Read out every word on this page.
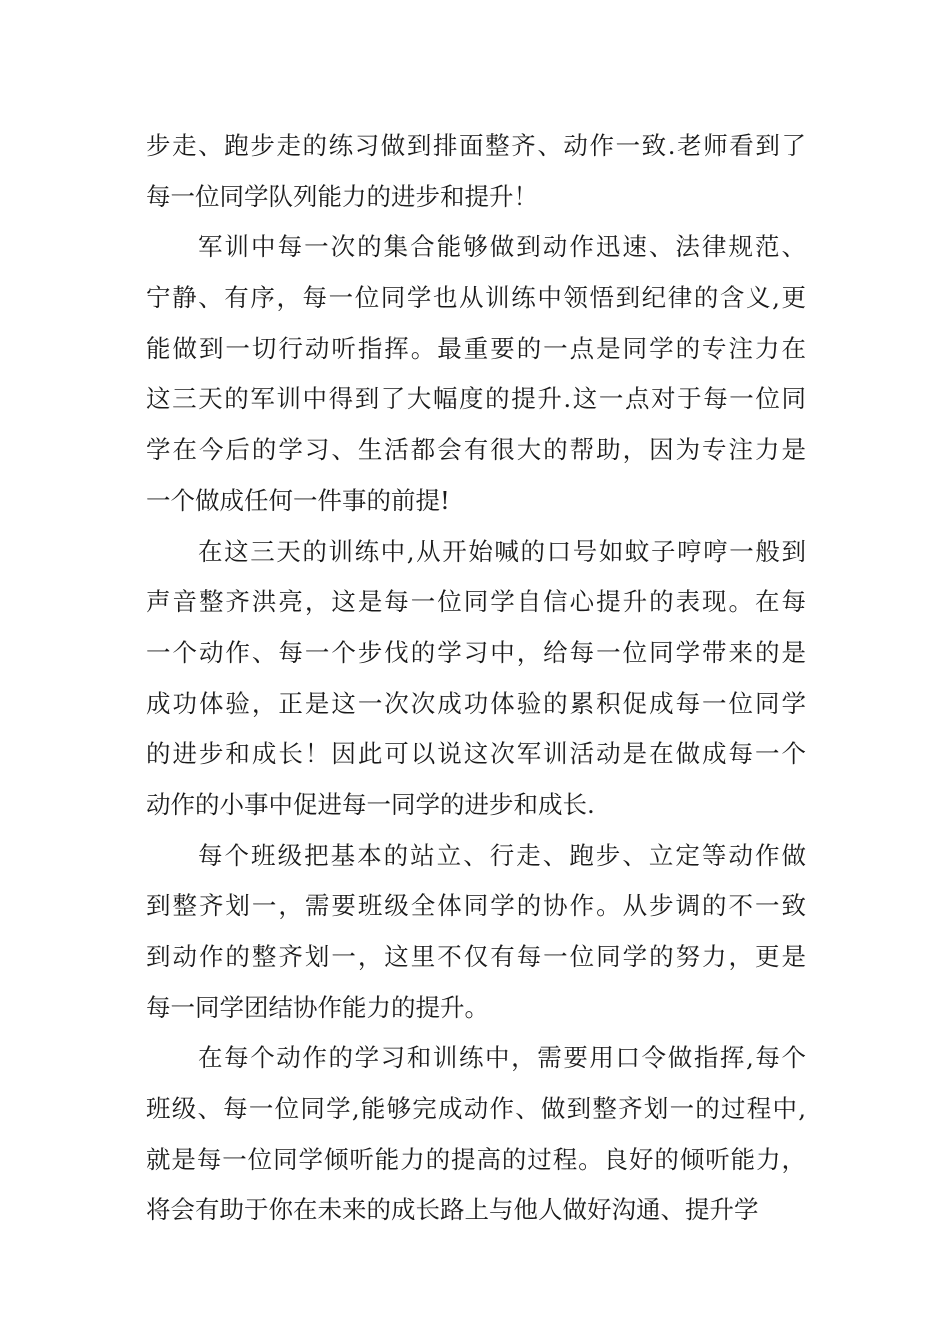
步走、跑步走的练习做到排面整齐、动作一致.老师看到了
每一位同学队列能力的进步和提升！
军训中每一次的集合能够做到动作迅速、法律规范、
宁静、有序，每一位同学也从训练中领悟到纪律的含义,更
能做到一切行动听指挥。最重要的一点是同学的专注力在
这三天的军训中得到了大幅度的提升.这一点对于每一位同
学在今后的学习、生活都会有很大的帮助，因为专注力是
一个做成任何一件事的前提!
在这三天的训练中,从开始喊的口号如蚊子哼哼一般到
声音整齐洪亮，这是每一位同学自信心提升的表现。在每
一个动作、每一个步伐的学习中，给每一位同学带来的是
成功体验，正是这一次次成功体验的累积促成每一位同学
的进步和成长！因此可以说这次军训活动是在做成每一个
动作的小事中促进每一同学的进步和成长.
每个班级把基本的站立、行走、跑步、立定等动作做
到整齐划一，需要班级全体同学的协作。从步调的不一致
到动作的整齐划一，这里不仅有每一位同学的努力，更是
每一同学团结协作能力的提升。
在每个动作的学习和训练中，需要用口令做指挥,每个
班级、每一位同学,能够完成动作、做到整齐划一的过程中,
就是每一位同学倾听能力的提高的过程。良好的倾听能力，
将会有助于你在未来的成长路上与他人做好沟通、提升学
